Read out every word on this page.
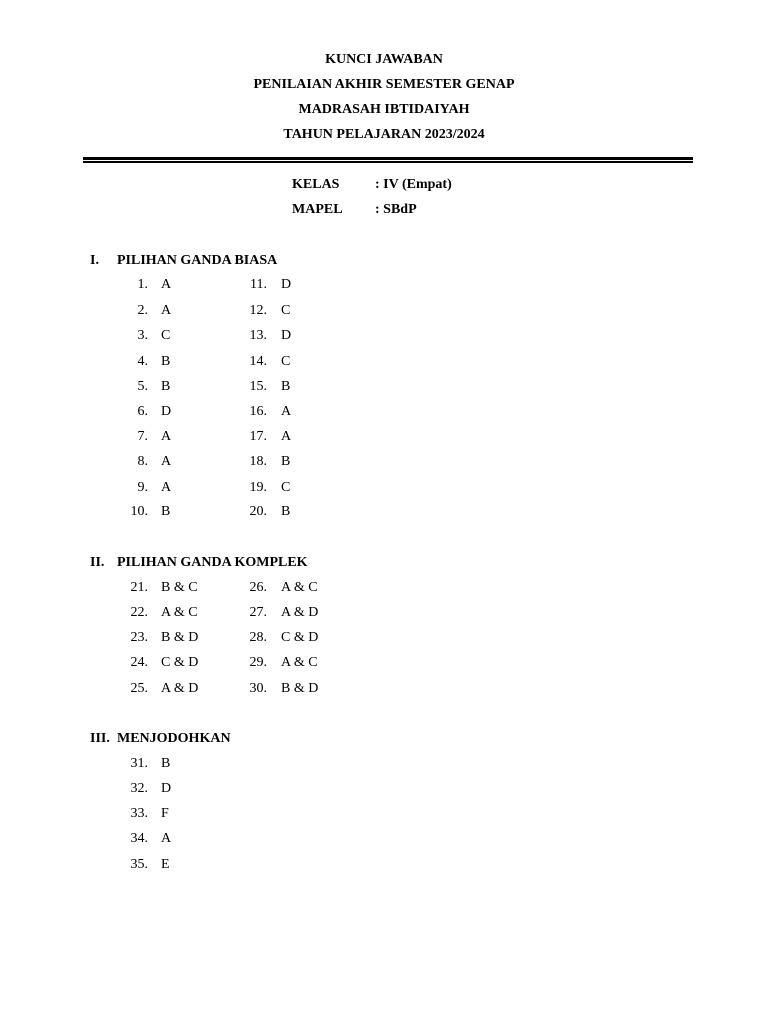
KUNCI JAWABAN
PENILAIAN AKHIR SEMESTER GENAP
MADRASAH IBTIDAIYAH
TAHUN PELAJARAN 2023/2024
KELAS	: IV (Empat)
MAPEL : SBdP
I. PILIHAN GANDA BIASA
1. A	11. D
2. A	12. C
3. C	13. D
4. B	14. C
5. B	15. B
6. D	16. A
7. A	17. A
8. A	18. B
9. A	19. C
10. B	20. B
II. PILIHAN GANDA KOMPLEK
21. B & C	26. A & C
22. A & C	27. A & D
23. B & D	28. C & D
24. C & D	29. A & C
25. A & D	30. B & D
III. MENJODOHKAN
31. B
32. D
33. F
34. A
35. E
